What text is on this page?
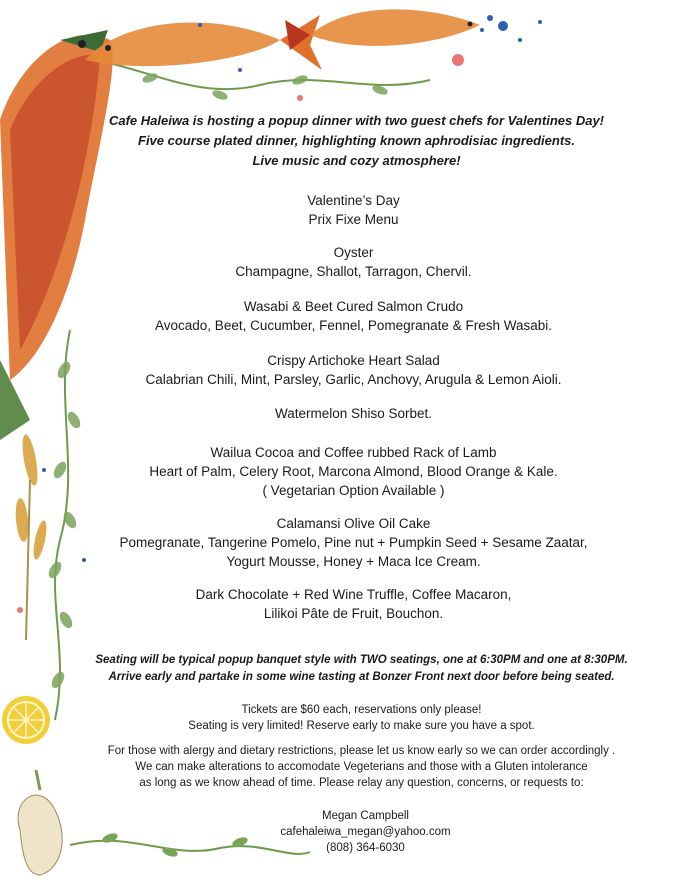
Cafe Haleiwa is hosting a popup dinner with two guest chefs for Valentines Day!
Five course plated dinner, highlighting known aphrodisiac ingredients.
Live music and cozy atmosphere!
Valentine’s Day
Prix Fixe Menu
Oyster
Champagne, Shallot, Tarragon, Chervil.
Wasabi & Beet Cured Salmon Crudo
Avocado, Beet, Cucumber, Fennel, Pomegranate & Fresh Wasabi.
Crispy Artichoke Heart Salad
Calabrian Chili, Mint, Parsley, Garlic, Anchovy, Arugula & Lemon Aioli.
Watermelon Shiso Sorbet.
Wailua Cocoa and Coffee rubbed Rack of Lamb
Heart of Palm, Celery Root, Marcona Almond, Blood Orange & Kale.
( Vegetarian Option Available )
Calamansi Olive Oil Cake
Pomegranate, Tangerine Pomelo, Pine nut + Pumpkin Seed + Sesame Zaatar,
Yogurt Mousse, Honey + Maca Ice Cream.
Dark Chocolate + Red Wine Truffle, Coffee Macaron,
Lilikoi Pâte de Fruit, Bouchon.
Seating will be typical popup banquet style with TWO seatings, one at 6:30PM and one at 8:30PM.
Arrive early and partake in some wine tasting at Bonzer Front next door before being seated.
Tickets are $60 each, reservations only please!
Seating is very limited! Reserve early to make sure you have a spot.
For those with alergy and dietary restrictions, please let us know early so we can order accordingly .
We can make alterations to accomodate Vegeterians and those with a Gluten intolerance
as long as we know ahead of time. Please relay any question, concerns, or requests to:
Megan Campbell
cafehaleiwa_megan@yahoo.com
(808) 364-6030
